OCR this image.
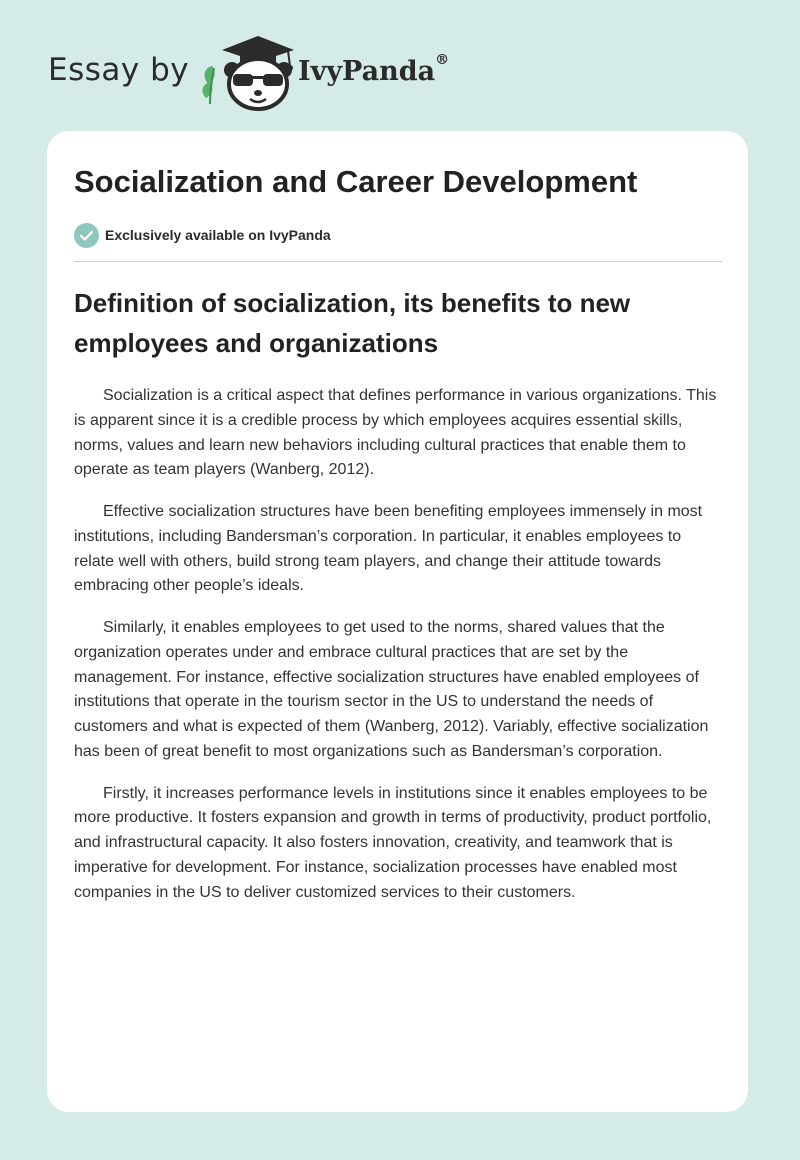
Essay by	IvyPanda®
Socialization and Career Development
Exclusively available on IvyPanda
Definition of socialization, its benefits to new employees and organizations

Socialization is a critical aspect that defines performance in various organizations. This is apparent since it is a credible process by which employees acquires essential skills, norms, values and learn new behaviors including cultural practices that enable them to operate as team players (Wanberg, 2012).

Effective socialization structures have been benefiting employees immensely in most institutions, including Bandersman’s corporation. In particular, it enables employees to relate well with others, build strong team players, and change their attitude towards embracing other people’s ideals.

Similarly, it enables employees to get used to the norms, shared values that the organization operates under and embrace cultural practices that are set by the management. For instance, effective socialization structures have enabled employees of institutions that operate in the tourism sector in the US to understand the needs of customers and what is expected of them (Wanberg, 2012). Variably, effective socialization has been of great benefit to most organizations such as Bandersman’s corporation.

Firstly, it increases performance levels in institutions since it enables employees to be more productive. It fosters expansion and growth in terms of productivity, product portfolio, and infrastructural capacity. It also fosters innovation, creativity, and teamwork that is imperative for development. For instance, socialization processes have enabled most companies in the US to deliver customized services to their customers.
